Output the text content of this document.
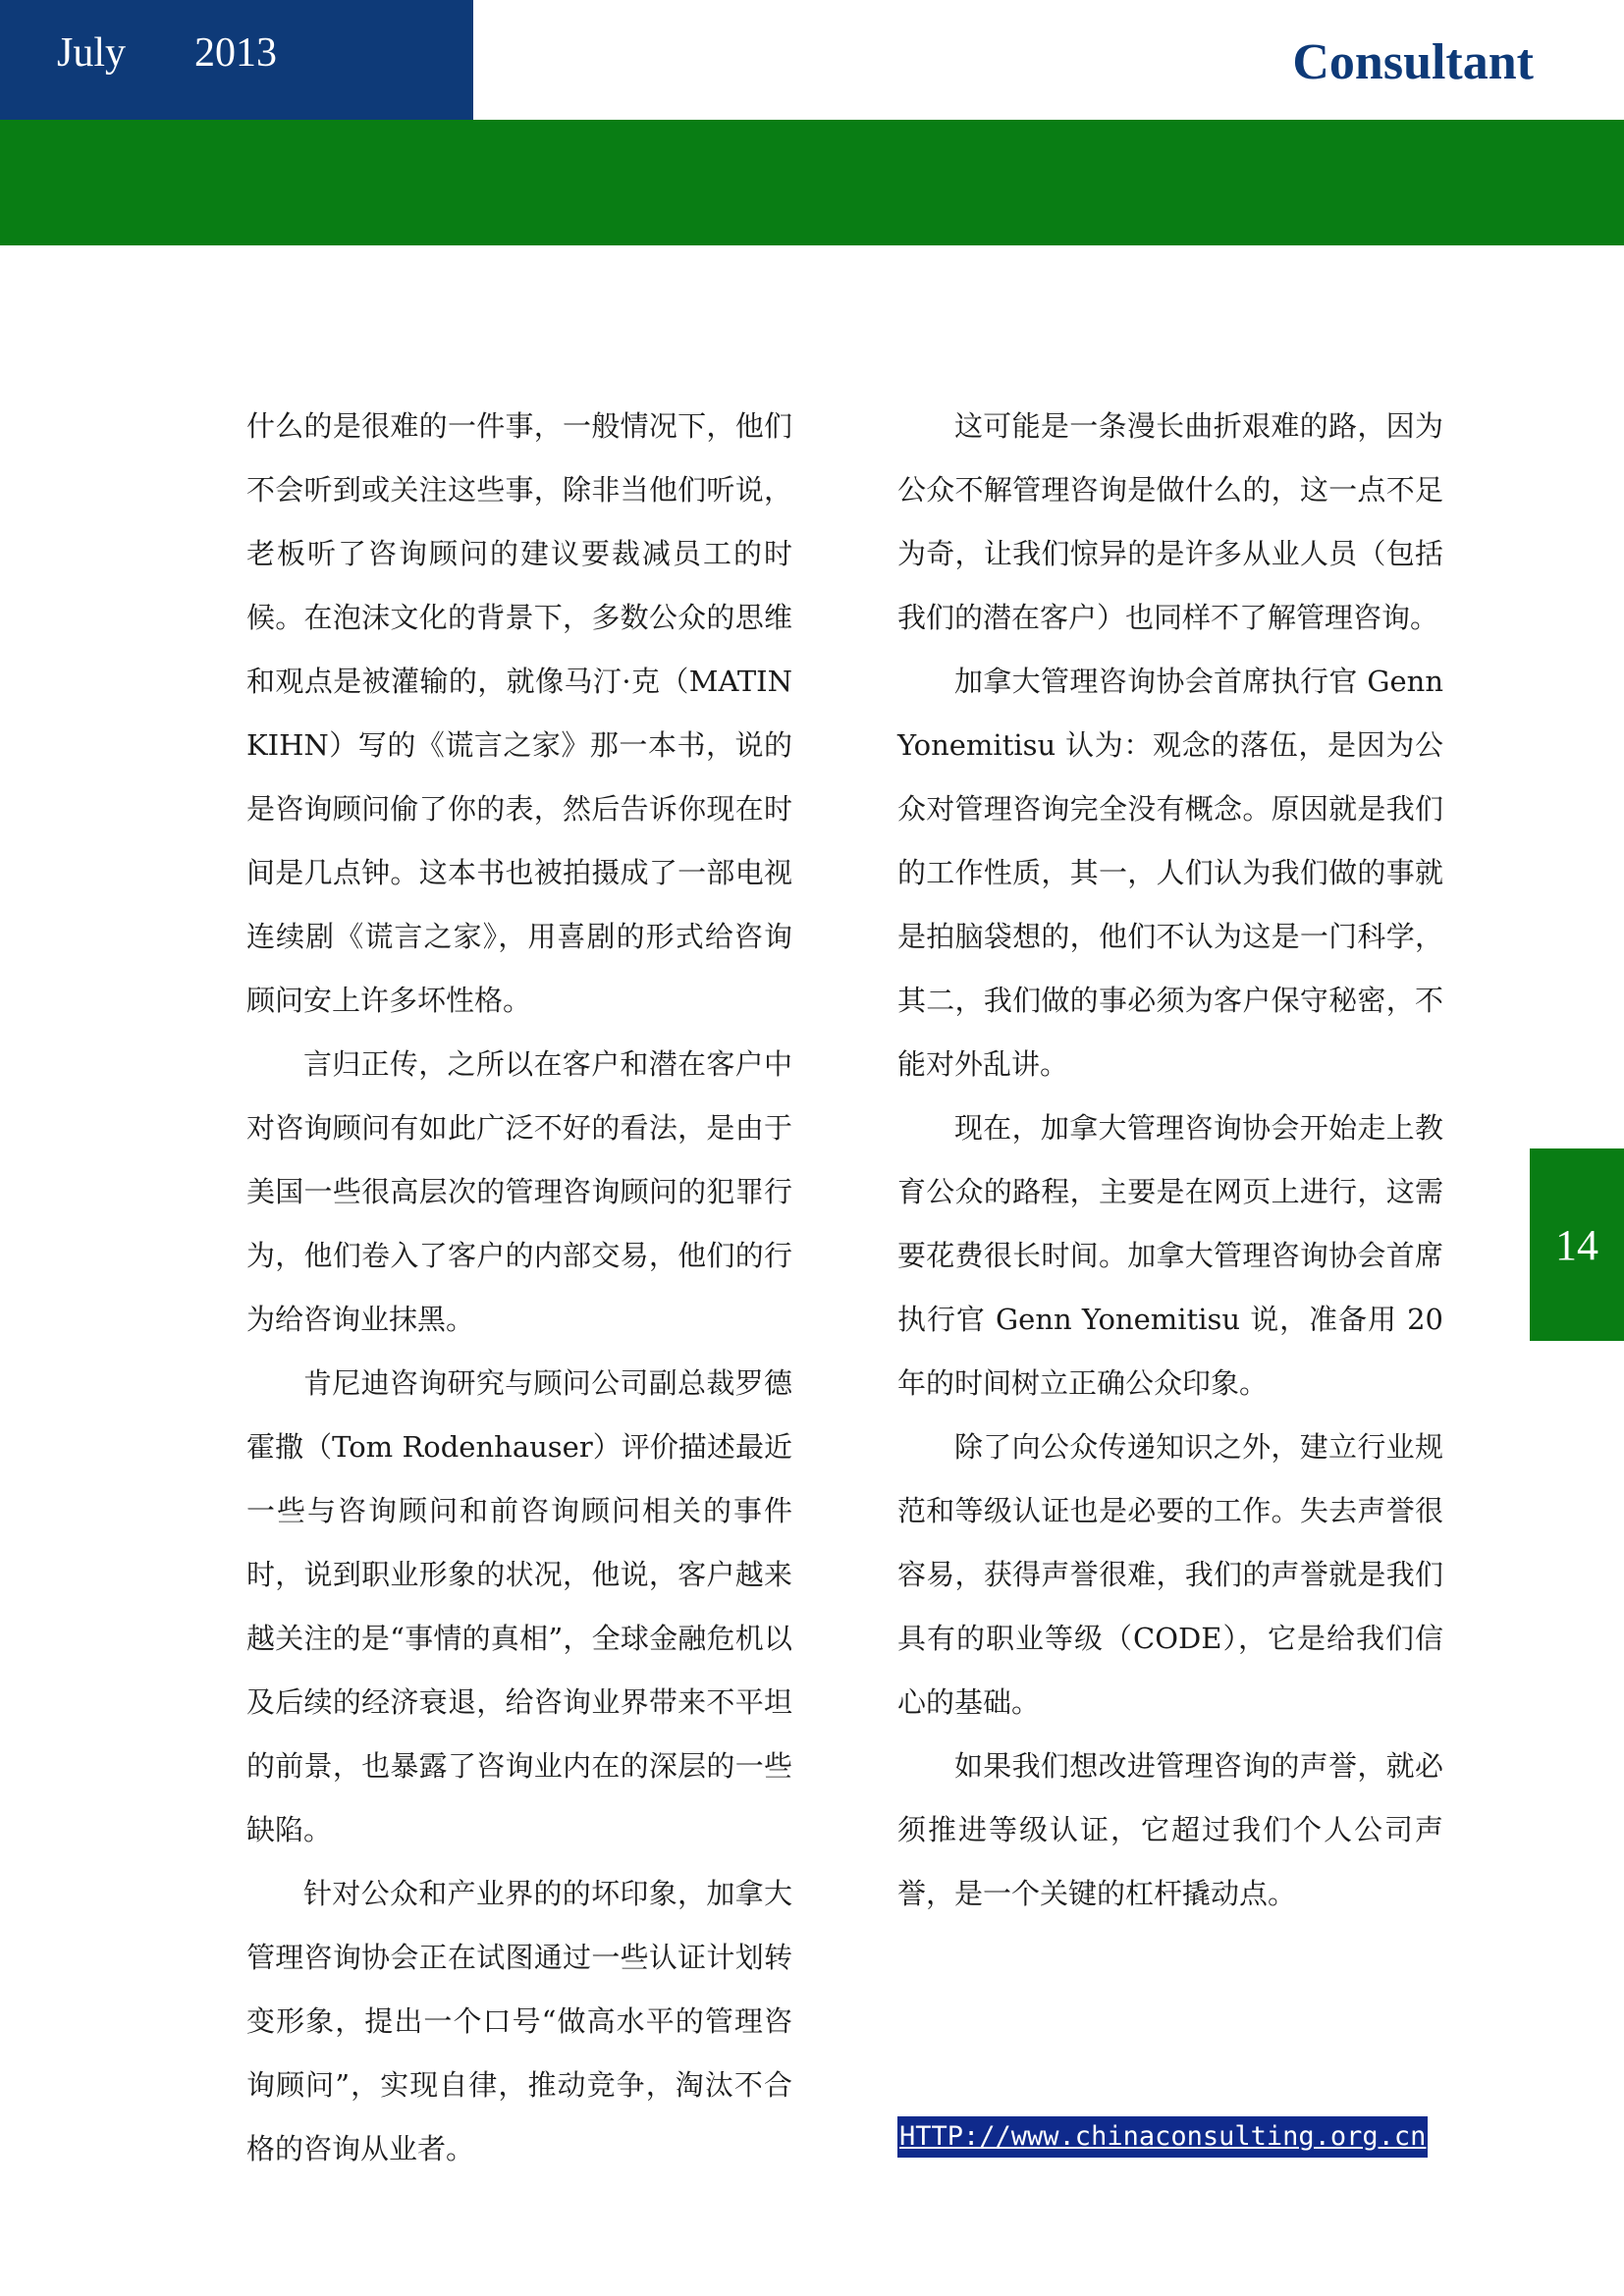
July 2013	Consultant

什么的是很难的一件事，一般情况下，他们不会听到或关注这些事，除非当他们听说，老板听了咨询顾问的建议要裁减员工的时候。在泡沫文化的背景下，多数公众的思维和观点是被灌输的，就像马汀·克（MATIN KIHN）写的《谎言之家》那一本书，说的是咨询顾问偷了你的表，然后告诉你现在时间是几点钟。这本书也被拍摄成了一部电视连续剧《谎言之家》，用喜剧的形式给咨询顾问安上许多坏性格。

言归正传，之所以在客户和潜在客户中对咨询顾问有如此广泛不好的看法，是由于美国一些很高层次的管理咨询顾问的犯罪行为，他们卷入了客户的内部交易，他们的行为给咨询业抹黑。

肯尼迪咨询研究与顾问公司副总裁罗德霍撒（Tom Rodenhauser）评价描述最近一些与咨询顾问和前咨询顾问相关的事件时，说到职业形象的状况，他说，客户越来越关注的是“事情的真相”，全球金融危机以及后续的经济衰退，给咨询业界带来不平坦的前景，也暴露了咨询业内在的深层的一些缺陷。

针对公众和产业界的的坏印象，加拿大管理咨询协会正在试图通过一些认证计划转变形象，提出一个口号“做高水平的管理咨询顾问”，实现自律，推动竞争，淘汰不合格的咨询从业者。

这可能是一条漫长曲折艰难的路，因为公众不解管理咨询是做什么的，这一点不足为奇，让我们惊异的是许多从业人员（包括我们的潜在客户）也同样不了解管理咨询。

加拿大管理咨询协会首席执行官 Genn Yonemitisu 认为：观念的落伍，是因为公众对管理咨询完全没有概念。原因就是我们的工作性质，其一，人们认为我们做的事就是拍脑袋想的，他们不认为这是一门科学，其二，我们做的事必须为客户保守秘密，不能对外乱讲。

现在，加拿大管理咨询协会开始走上教育公众的路程，主要是在网页上进行，这需要花费很长时间。加拿大管理咨询协会首席执行官 Genn Yonemitisu 说，准备用 20 年的时间树立正确公众印象。

除了向公众传递知识之外，建立行业规范和等级认证也是必要的工作。失去声誉很容易，获得声誉很难，我们的声誉就是我们具有的职业等级（CODE），它是给我们信心的基础。

如果我们想改进管理咨询的声誉，就必须推进等级认证，它超过我们个人公司声誉，是一个关键的杠杆撬动点。

14
HTTP://www.chinaconsulting.org.cn
